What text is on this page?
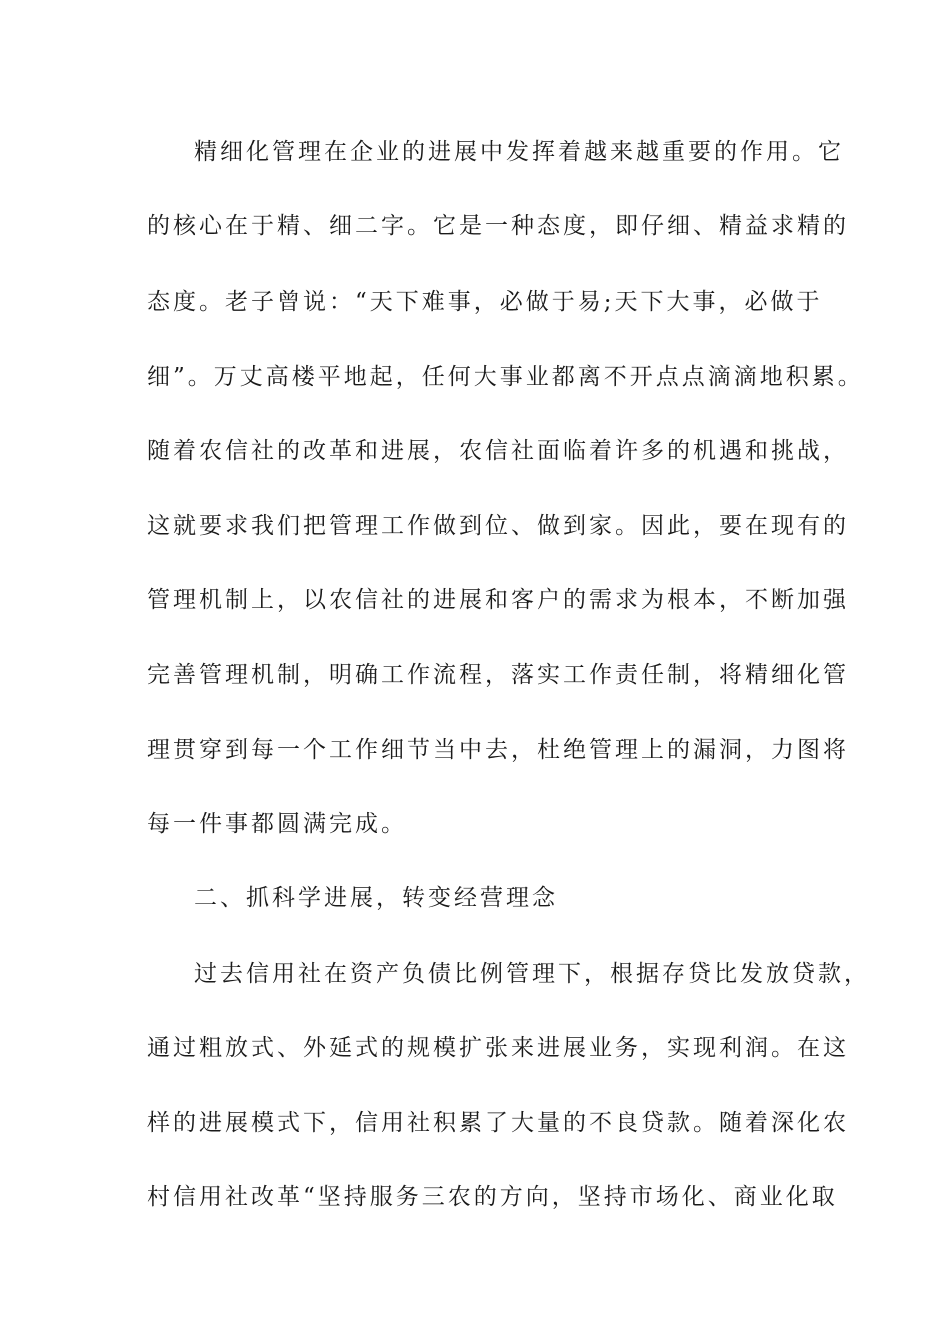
精细化管理在企业的进展中发挥着越来越重要的作用。它
的核心在于精、细二字。它是一种态度，即仔细、精益求精的
态度。老子曾说：“天下难事，必做于易;天下大事，必做于
细”。万丈高楼平地起，任何大事业都离不开点点滴滴地积累。
随着农信社的改革和进展，农信社面临着许多的机遇和挑战，
这就要求我们把管理工作做到位、做到家。因此，要在现有的
管理机制上，以农信社的进展和客户的需求为根本，不断加强
完善管理机制，明确工作流程，落实工作责任制，将精细化管
理贯穿到每一个工作细节当中去，杜绝管理上的漏洞，力图将
每一件事都圆满完成。
二、抓科学进展，转变经营理念
过去信用社在资产负债比例管理下，根据存贷比发放贷款，
通过粗放式、外延式的规模扩张来进展业务，实现利润。在这
样的进展模式下，信用社积累了大量的不良贷款。随着深化农
村信用社改革“坚持服务三农的方向，坚持市场化、商业化取
